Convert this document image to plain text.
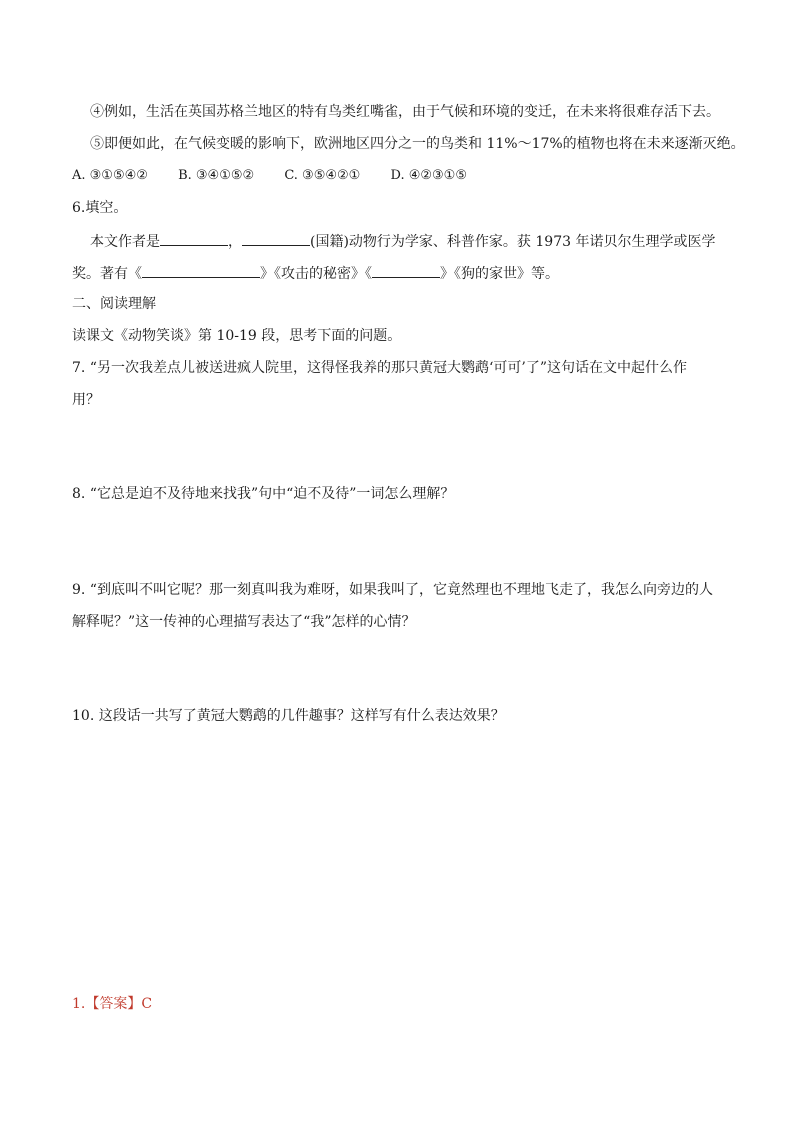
④例如，生活在英国苏格兰地区的特有鸟类红嘴雀，由于气候和环境的变迁，在未来将很难存活下去。
⑤即便如此，在气候变暖的影响下，欧洲地区四分之一的鸟类和 11%～17%的植物也将在未来逐渐灭绝。
A. ③①⑤④② B. ③④①⑤② C. ③⑤④②① D. ④②③①⑤
6.填空。
本文作者是	，	(国籍)动物行为学家、科普作家。获 1973 年诺贝尔生理学或医学
奖。著有《	》《攻击的秘密》《	》《狗的家世》等。
二、阅读理解
读课文《动物笑谈》第 10-19 段，思考下面的问题。
7. “另一次我差点儿被送进疯人院里，这得怪我养的那只黄冠大鹦鹉‘可可’了”这句话在文中起什么作
用？
8. “它总是迫不及待地来找我”句中“迫不及待”一词怎么理解？
9. “到底叫不叫它呢？那一刻真叫我为难呀，如果我叫了，它竟然理也不理地飞走了，我怎么向旁边的人
解释呢？”这一传神的心理描写表达了“我”怎样的心情？
10. 这段话一共写了黄冠大鹦鹉的几件趣事？这样写有什么表达效果？
1.【答案】C
